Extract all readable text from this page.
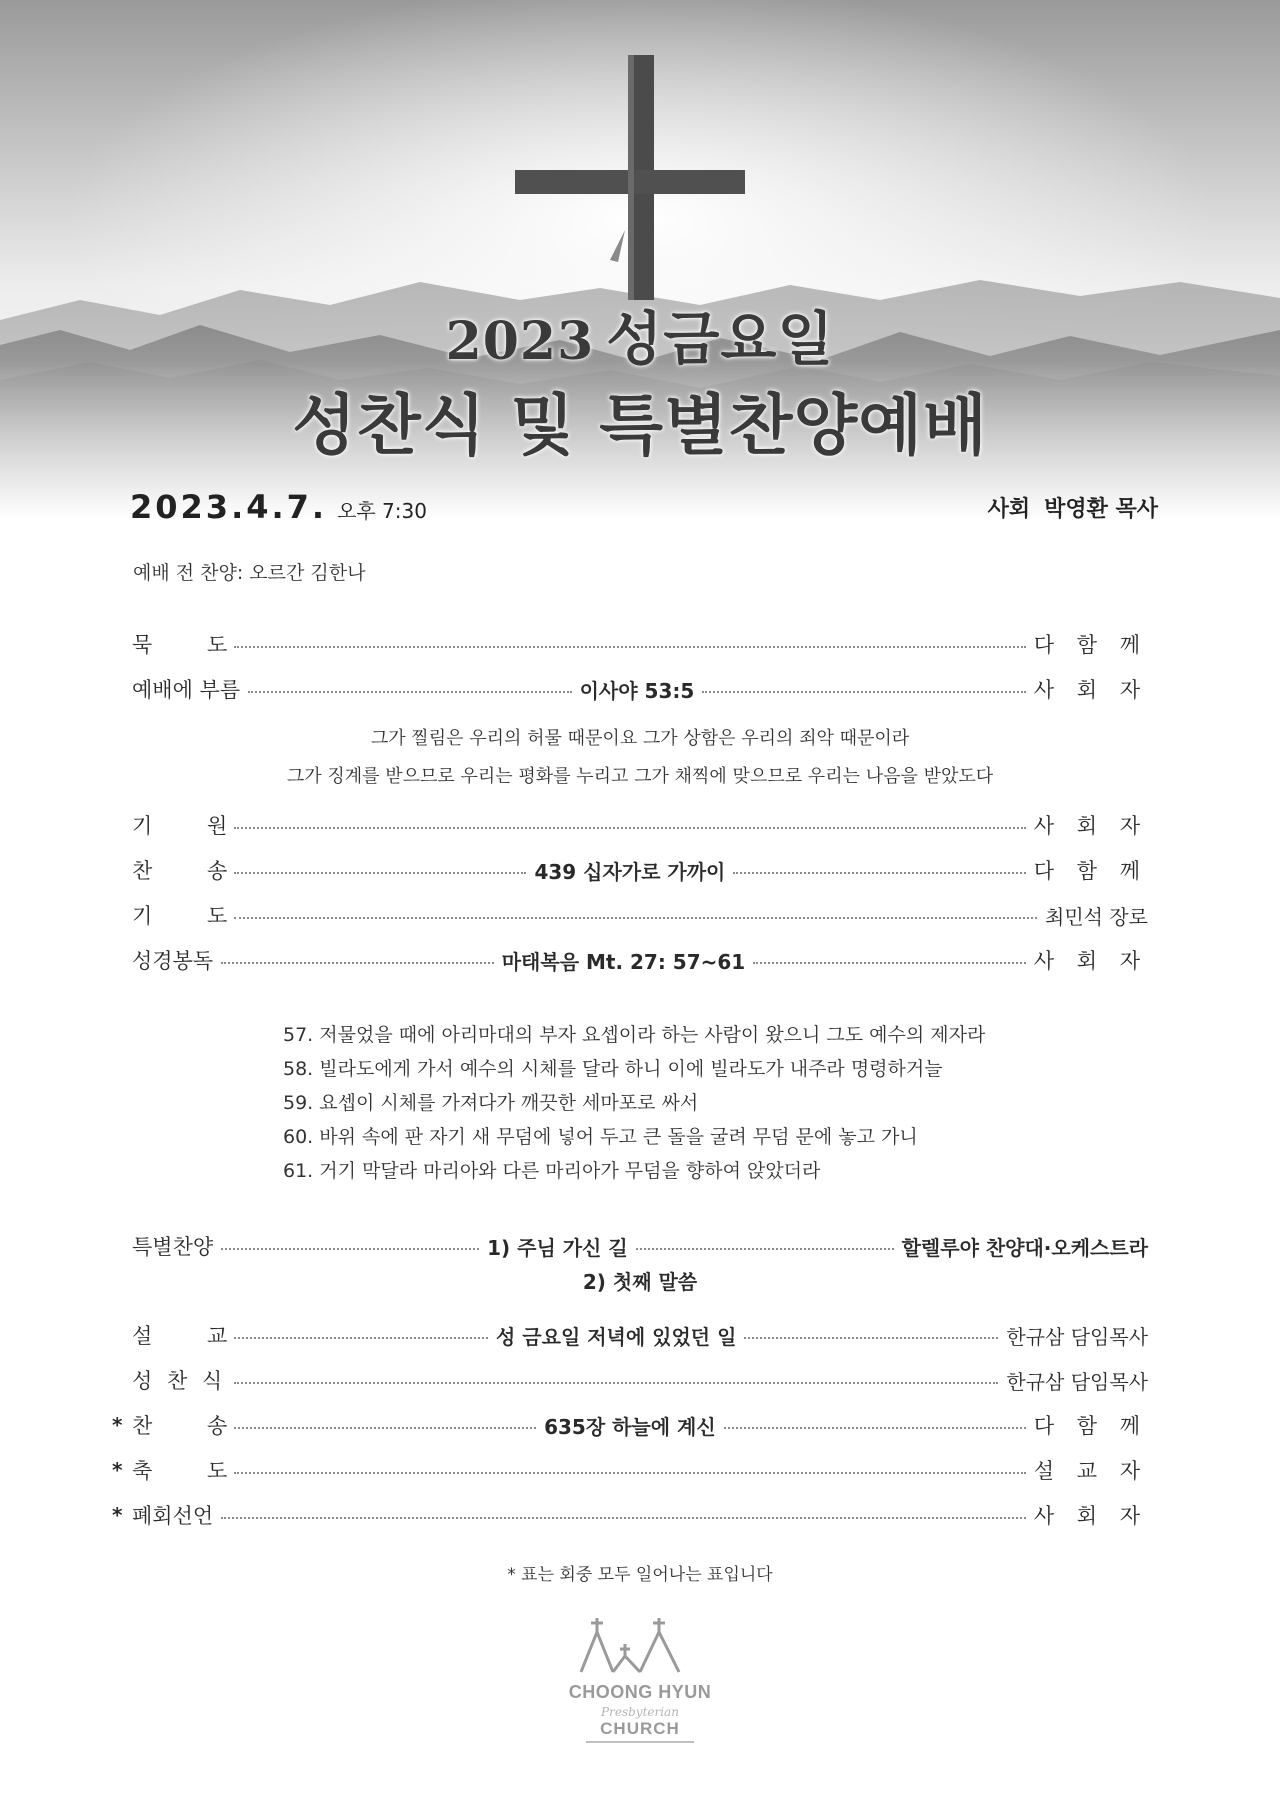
2023 성금요일
성찬식 및 특별찬양예배
2023.4.7. 오후 7:30	사회 박영환 목사
예배 전 찬양: 오르간 김한나
묵 도	다 함 께
예배에 부름	이사야 53:5	사 회 자
그가 찔림은 우리의 허물 때문이요 그가 상함은 우리의 죄악 때문이라
그가 징계를 받으므로 우리는 평화를 누리고 그가 채찍에 맞으므로 우리는 나음을 받았도다
기 원	사 회 자
찬 송	439 십자가로 가까이	다 함 께
기 도	최민석 장로
성경봉독	마태복음 Mt. 27: 57~61	사 회 자
57. 저물었을 때에 아리마대의 부자 요셉이라 하는 사람이 왔으니 그도 예수의 제자라
58. 빌라도에게 가서 예수의 시체를 달라 하니 이에 빌라도가 내주라 명령하거늘
59. 요셉이 시체를 가져다가 깨끗한 세마포로 싸서
60. 바위 속에 판 자기 새 무덤에 넣어 두고 큰 돌을 굴려 무덤 문에 놓고 가니
61. 거기 막달라 마리아와 다른 마리아가 무덤을 향하여 앉았더라
특별찬양	1) 주님 가신 길	할렐루야 찬양대·오케스트라
2) 첫째 말씀
설 교	성 금요일 저녁에 있었던 일	한규삼 담임목사
성 찬 식	한규삼 담임목사
* 찬 송	635장 하늘에 계신	다 함 께
* 축 도	설 교 자
* 폐회선언	사 회 자
* 표는 회중 모두 일어나는 표입니다
CHOONG HYUN
Presbyterian
CHURCH
